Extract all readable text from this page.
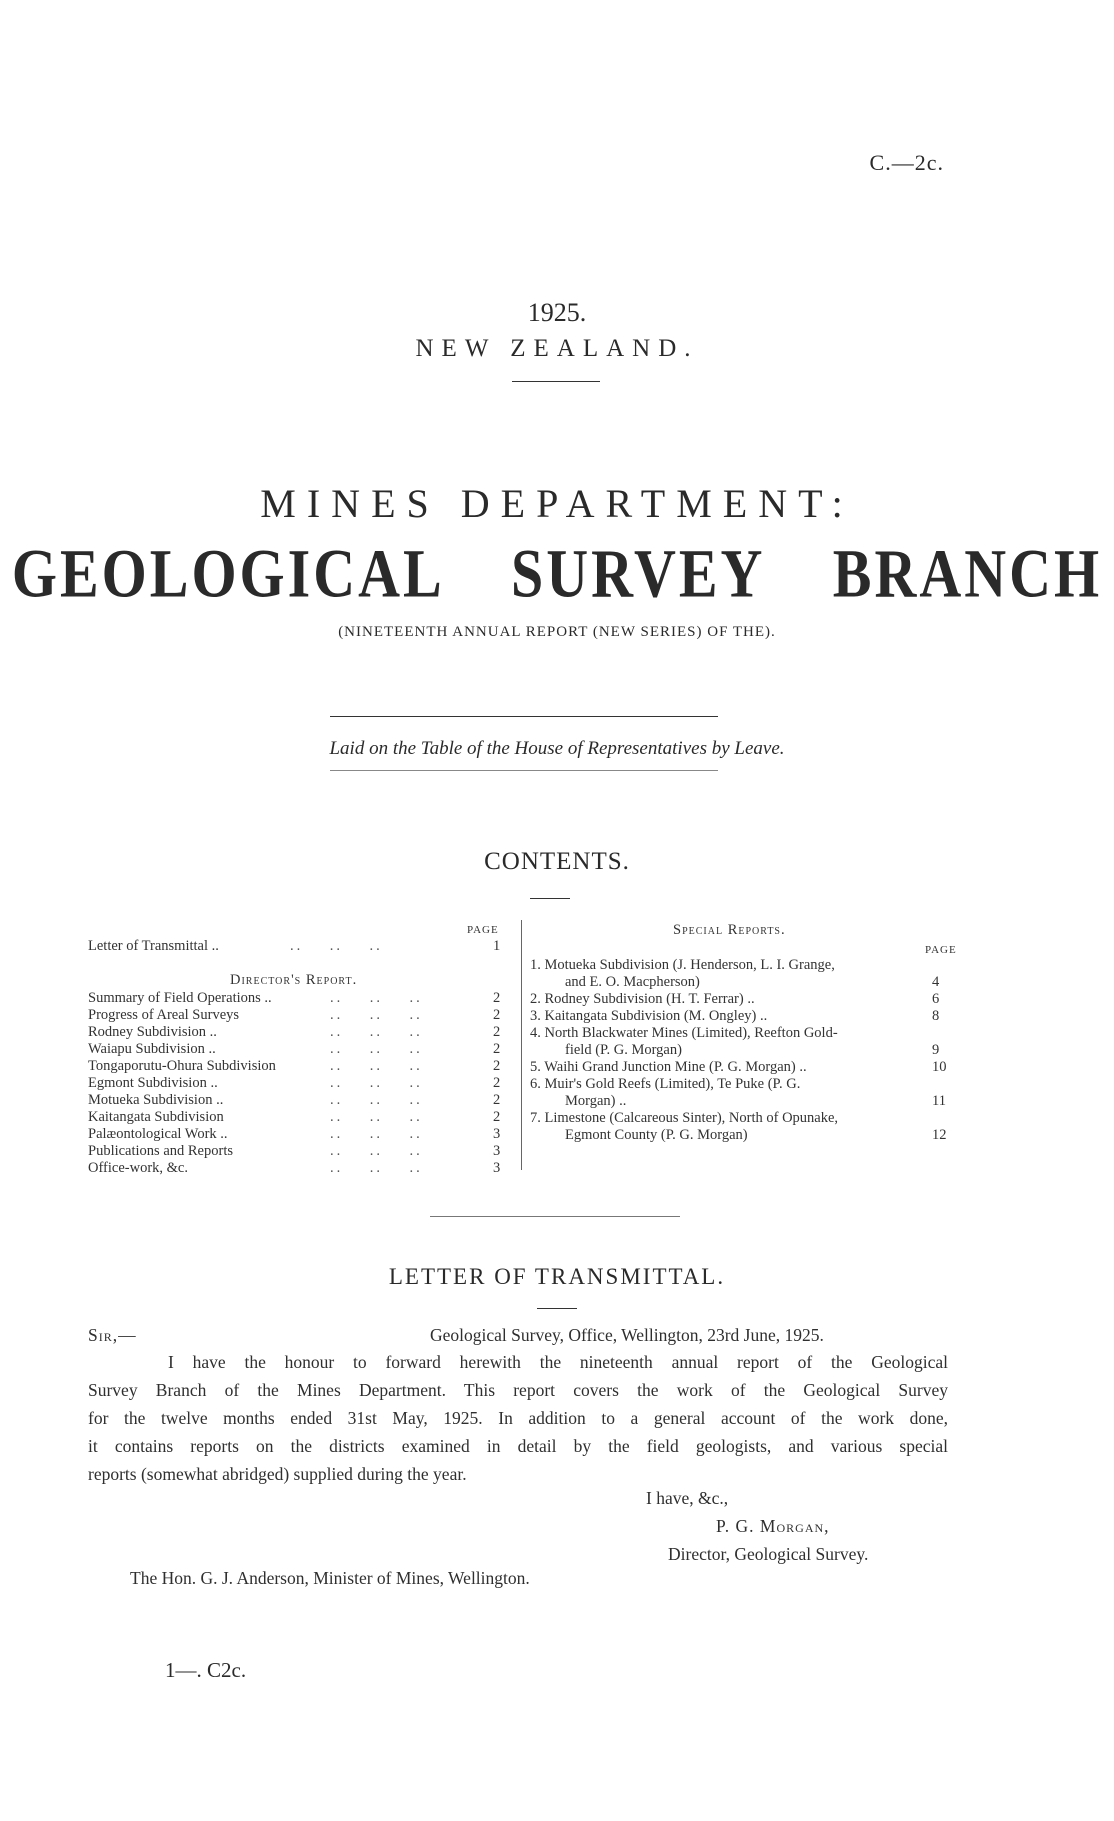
C.—2c.
1925.
NEW ZEALAND.
MINES DEPARTMENT:
GEOLOGICAL SURVEY BRANCH
(NINETEENTH ANNUAL REPORT (NEW SERIES) OF THE).
Laid on the Table of the House of Representatives by Leave.
CONTENTS.
PAGE
Letter of Transmittal ..	..    ..    ..	1
Director's Report.
Summary of Field Operations ..	..    ..    ..	2
Progress of Areal Surveys	..    ..    ..	2
Rodney Subdivision ..	..    ..    ..	2
Waiapu Subdivision ..	..    ..    ..	2
Tongaporutu-Ohura Subdivision	..    ..    ..	2
Egmont Subdivision ..	..    ..    ..	2
Motueka Subdivision ..	..    ..    ..	2
Kaitangata Subdivision	..    ..    ..	2
Palæontological Work ..	..    ..    ..	3
Publications and Reports	..    ..    ..	3
Office-work, &c.	..    ..    ..	3
Special Reports.
PAGE
1. Motueka Subdivision (J. Henderson, L. I. Grange,
and E. O. Macpherson)	4
2. Rodney Subdivision (H. T. Ferrar) ..	6
3. Kaitangata Subdivision (M. Ongley) ..	8
4. North Blackwater Mines (Limited), Reefton Gold-
field (P. G. Morgan)	9
5. Waihi Grand Junction Mine (P. G. Morgan) ..	10
6. Muir's Gold Reefs (Limited), Te Puke (P. G.
Morgan) ..	11
7. Limestone (Calcareous Sinter), North of Opunake,
Egmont County (P. G. Morgan)	12
LETTER OF TRANSMITTAL.
Sir,—	Geological Survey, Office, Wellington, 23rd June, 1925.
I have the honour to forward herewith the nineteenth annual report of the Geological
Survey Branch of the Mines Department. This report covers the work of the Geological Survey
for the twelve months ended 31st May, 1925. In addition to a general account of the work done,
it contains reports on the districts examined in detail by the field geologists, and various special
reports (somewhat abridged) supplied during the year.
I have, &c.,
P. G. Morgan,
Director, Geological Survey.
The Hon. G. J. Anderson, Minister of Mines, Wellington.
1—. C2c.
